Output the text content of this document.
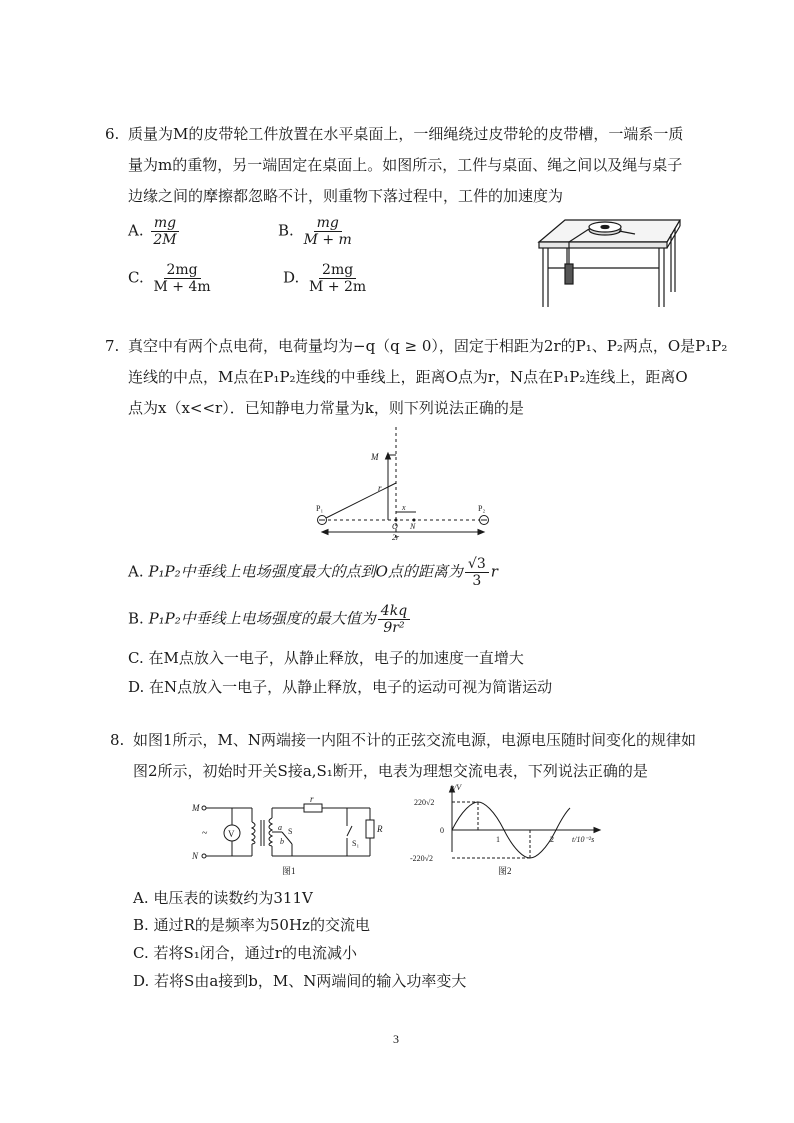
6. 质量为M的皮带轮工件放置在水平桌面上，一细绳绕过皮带轮的皮带槽，一端系一质
量为m的重物，另一端固定在桌面上。如图所示，工件与桌面、绳之间以及绳与桌子
边缘之间的摩擦都忽略不计，则重物下落过程中，工件的加速度为
A. $\frac{mg}{2M}$	B. $\frac{mg}{M + m}$
C. $\frac{2mg}{M + 4m}$	D. $\frac{2mg}{M + 2m}$
7. 真空中有两个点电荷，电荷量均为−q（q ≥ 0），固定于相距为2r的P₁、P₂两点，O是P₁P₂
连线的中点，M点在P₁P₂连线的中垂线上，距离O点为r，N点在P₁P₂连线上，距离O
点为x（x<<r）．已知静电力常量为k，则下列说法正确的是
M
r
P₁	P₂
O N
x
2r
A. P₁P₂中垂线上电场强度最大的点到O点的距离为 $\frac{√3}{3}$ r
B. P₁P₂中垂线上电场强度的最大值为 $\frac{4kq}{\text{9r²}}$
C. 在M点放入一电子，从静止释放，电子的加速度一直增大
D. 在N点放入一电子，从静止释放，电子的运动可视为简谐运动
8. 如图1所示，M、N两端接一内阻不计的正弦交流电源，电源电压随时间变化的规律如
图2所示，初始时开关S接a,S₁断开，电表为理想交流电表，下列说法正确的是
M
N
~ V
r
R
a S
b	S₁
图1
u/V
220√2
0
-220√2
1	2 t/10⁻²s
图2
A. 电压表的读数约为311V
B. 通过R的是频率为50Hz的交流电
C. 若将S₁闭合，通过r的电流减小
D. 若将S由a接到b，M、N两端间的输入功率变大
3
